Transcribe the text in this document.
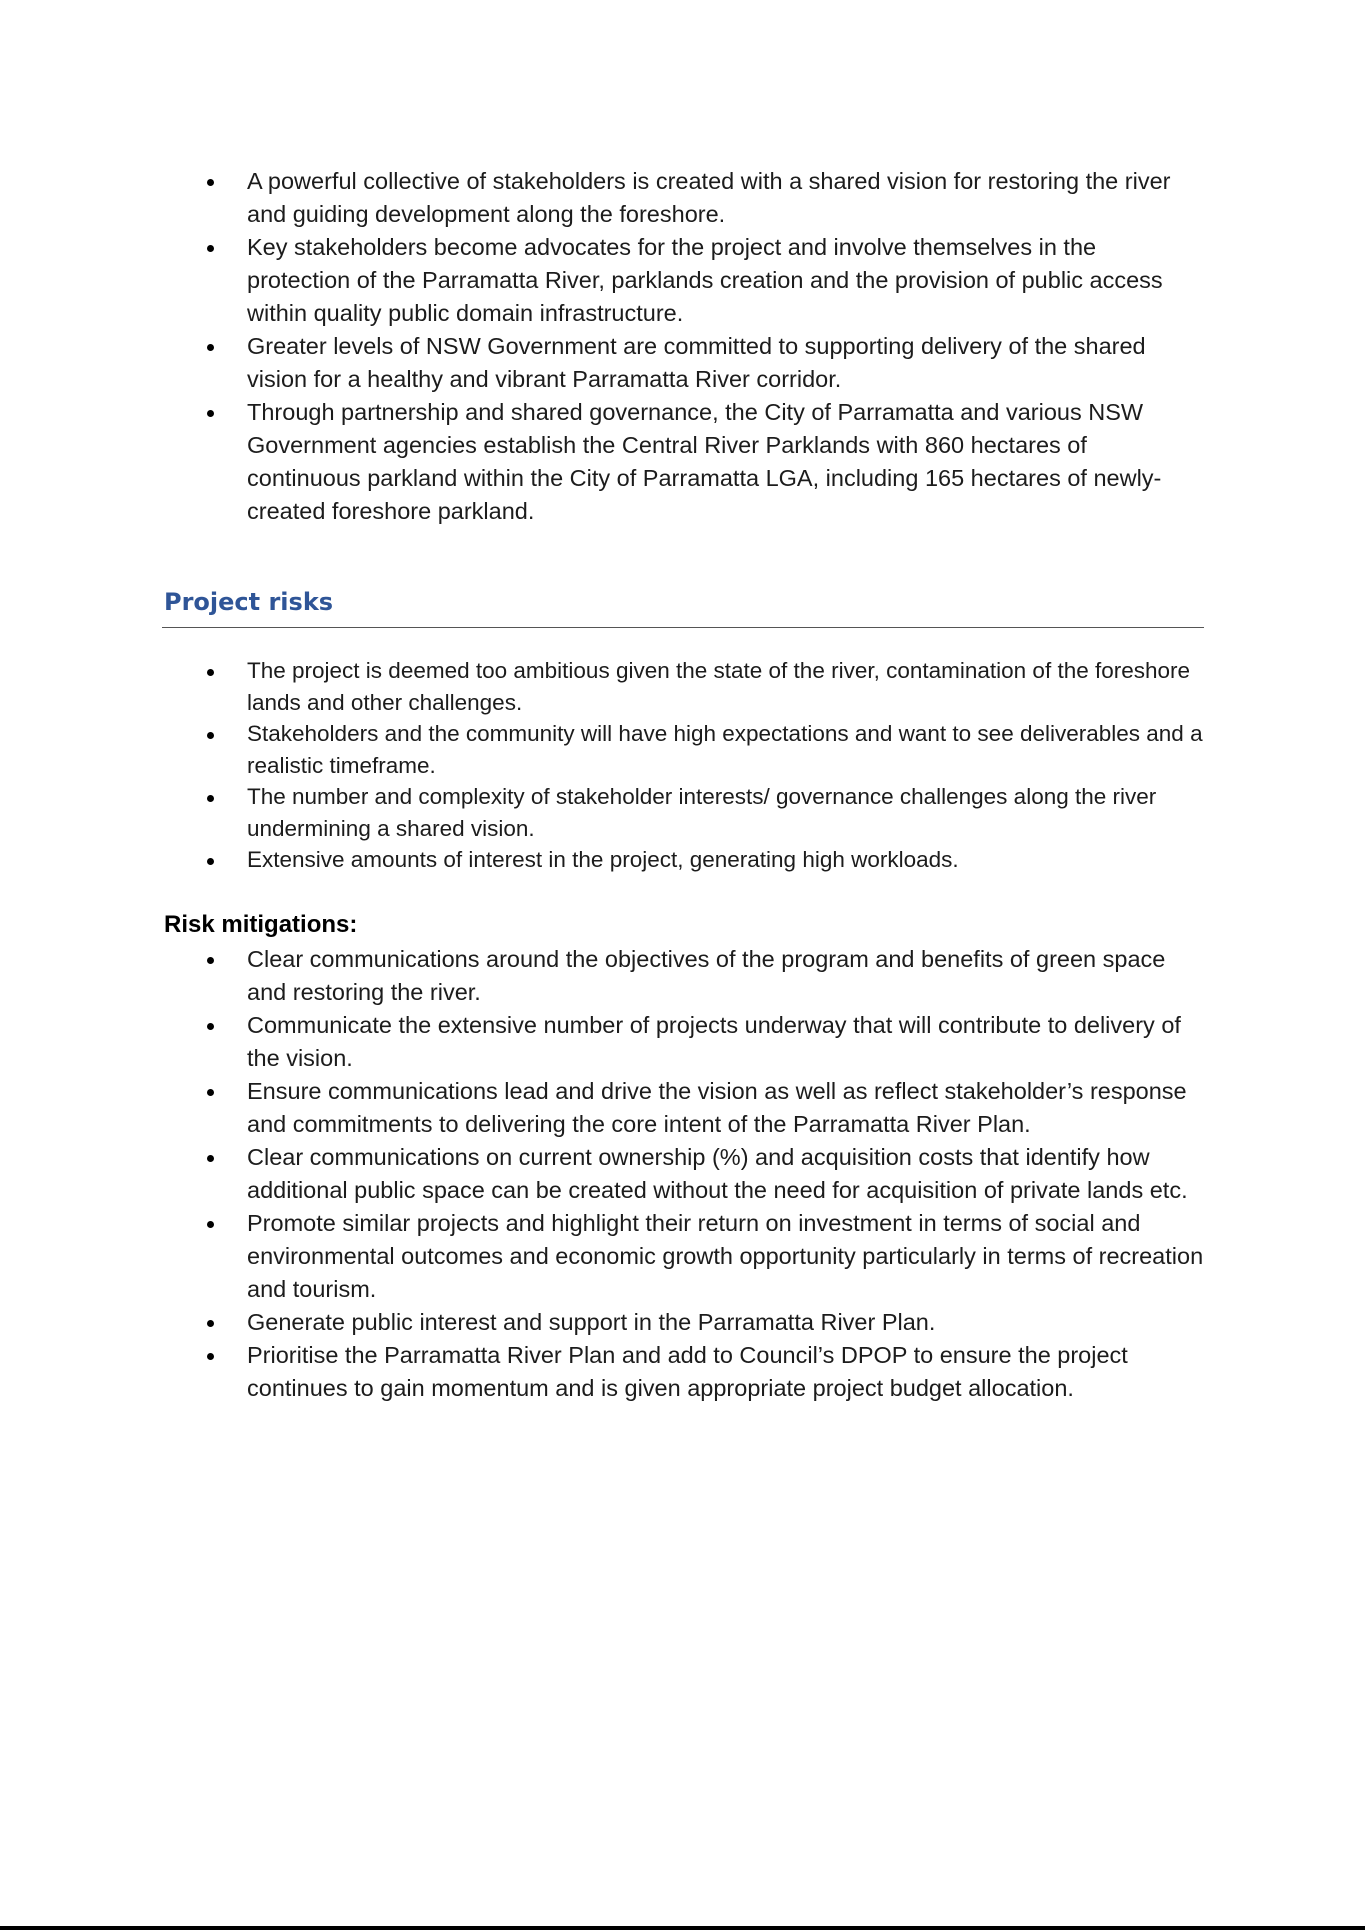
A powerful collective of stakeholders is created with a shared vision for restoring the river and guiding development along the foreshore.
Key stakeholders become advocates for the project and involve themselves in the protection of the Parramatta River, parklands creation and the provision of public access within quality public domain infrastructure.
Greater levels of NSW Government are committed to supporting delivery of the shared vision for a healthy and vibrant Parramatta River corridor.
Through partnership and shared governance, the City of Parramatta and various NSW Government agencies establish the Central River Parklands with 860 hectares of continuous parkland within the City of Parramatta LGA, including 165 hectares of newly-created foreshore parkland.
Project risks
The project is deemed too ambitious given the state of the river, contamination of the foreshore lands and other challenges.
Stakeholders and the community will have high expectations and want to see deliverables and a realistic timeframe.
The number and complexity of stakeholder interests/ governance challenges along the river undermining a shared vision.
Extensive amounts of interest in the project, generating high workloads.
Risk mitigations:
Clear communications around the objectives of the program and benefits of green space and restoring the river.
Communicate the extensive number of projects underway that will contribute to delivery of the vision.
Ensure communications lead and drive the vision as well as reflect stakeholder’s response and commitments to delivering the core intent of the Parramatta River Plan.
Clear communications on current ownership (%) and acquisition costs that identify how additional public space can be created without the need for acquisition of private lands etc.
Promote similar projects and highlight their return on investment in terms of social and environmental outcomes and economic growth opportunity particularly in terms of recreation and tourism.
Generate public interest and support in the Parramatta River Plan.
Prioritise the Parramatta River Plan and add to Council’s DPOP to ensure the project continues to gain momentum and is given appropriate project budget allocation.
